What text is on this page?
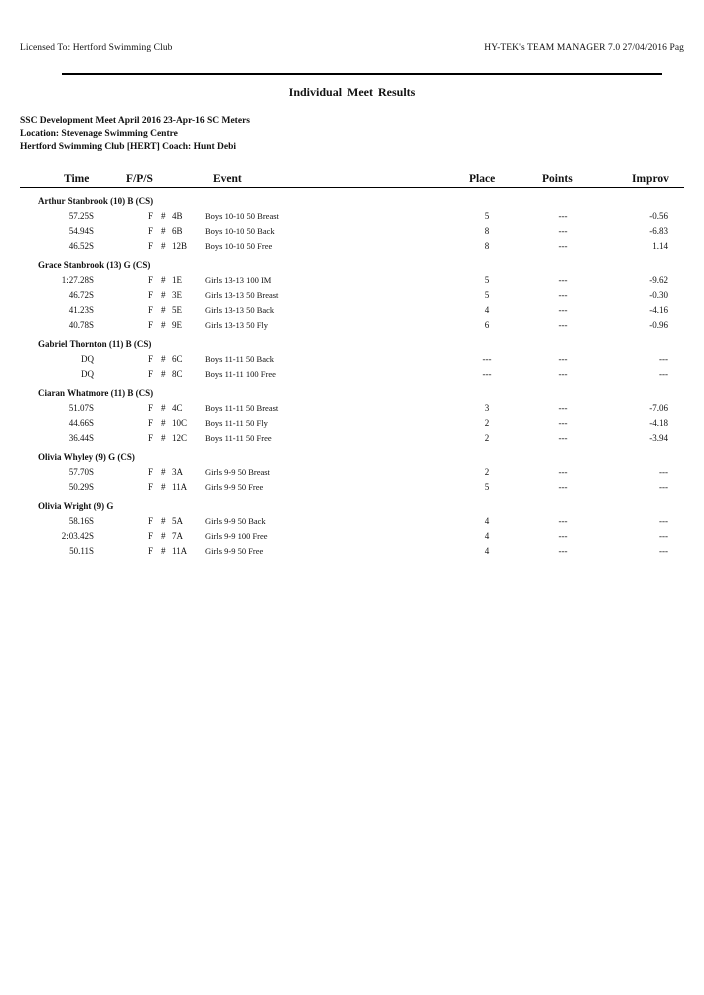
Licensed To: Hertford Swimming Club	HY-TEK's TEAM MANAGER 7.0 27/04/2016 Pag
Individual Meet Results
SSC Development Meet April 2016 23-Apr-16 SC Meters
Location: Stevenage Swimming Centre
Hertford Swimming Club [HERT] Coach: Hunt Debi
Time	F/P/S	Event	Place	Points	Improv
Arthur Stanbrook (10) B (CS)
57.25S	F # 4B	Boys 10-10 50 Breast	5	---	-0.56
54.94S	F # 6B	Boys 10-10 50 Back	8	---	-6.83
46.52S	F # 12B Boys 10-10 50 Free	8	---	1.14
Grace Stanbrook (13) G (CS)
1:27.28S	F # 1E	Girls 13-13 100 IM	5	---	-9.62
46.72S	F # 3E	Girls 13-13 50 Breast	5	---	-0.30
41.23S	F # 5E	Girls 13-13 50 Back	4	---	-4.16
40.78S	F # 9E	Girls 13-13 50 Fly	6	---	-0.96
Gabriel Thornton (11) B (CS)
DQ	F # 6C	Boys 11-11 50 Back	---	---	---
DQ	F # 8C	Boys 11-11 100 Free	---	---	---
Ciaran Whatmore (11) B (CS)
51.07S	F # 4C	Boys 11-11 50 Breast	3	---	-7.06
44.66S	F # 10C Boys 11-11 50 Fly	2	---	-4.18
36.44S	F # 12C Boys 11-11 50 Free	2	---	-3.94
Olivia Whyley (9) G (CS)
57.70S	F # 3A	Girls 9-9 50 Breast	2	---	---
50.29S	F # 11A Girls 9-9 50 Free	5	---	---
Olivia Wright (9) G
58.16S	F # 5A	Girls 9-9 50 Back	4	---	---
2:03.42S	F # 7A	Girls 9-9 100 Free	4	---	---
50.11S	F # 11A Girls 9-9 50 Free	4	---	---
